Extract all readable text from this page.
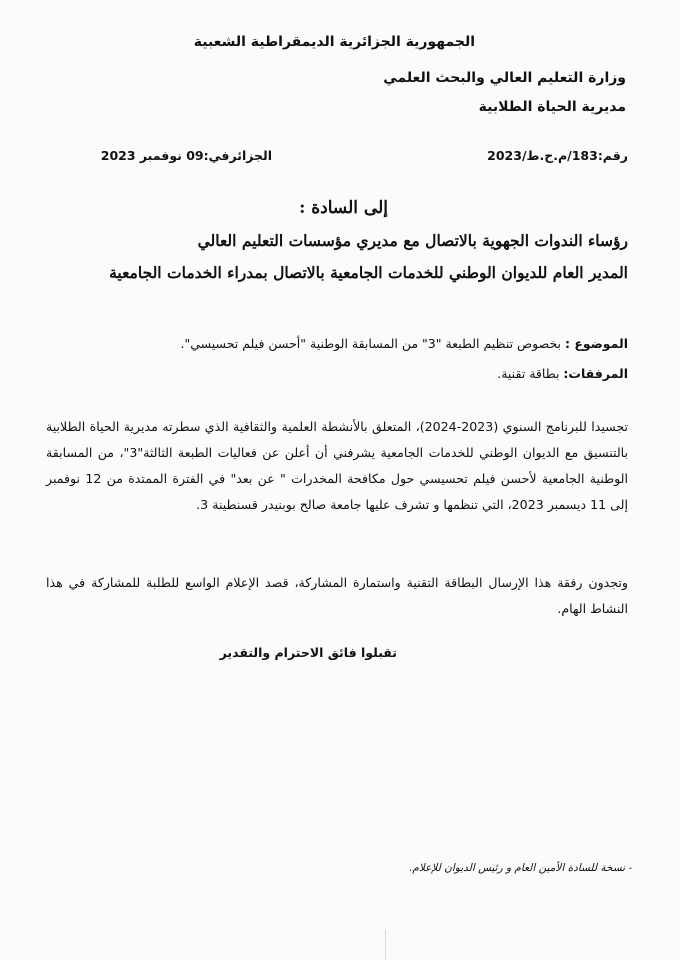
الجمهورية الجزائرية الديمقراطية الشعبية
وزارة التعليم العالي والبحث العلمي
مديرية الحياة الطلابية
رقم:183/م.ح.ط/2023
الجزائرفي:09 نوفمبر 2023
إلى السادة :
رؤساء الندوات الجهوية بالاتصال مع مديري مؤسسات التعليم العالي
المدير العام للديوان الوطني للخدمات الجامعية بالاتصال بمدراء الخدمات الجامعية
الموضوع : بخصوص تنظيم الطبعة "3" من المسابقة الوطنية "أحسن فيلم تحسيسي".
المرفقات: بطاقة تقنية.
تجسيدا للبرنامج السنوي (2023-2024)، المتعلق بالأنشطة العلمية والثقافية الذي سطرته مديرية الحياة الطلابية بالتنسيق مع الديوان الوطني للخدمات الجامعية يشرفني أن أعلن عن فعاليات الطبعة الثالثة"3"، من المسابقة الوطنية الجامعية لأحسن فيلم تحسيسي حول مكافحة المخدرات " عن بعد" في الفترة الممتدة من 12 نوفمبر إلى 11 ديسمبر 2023، التي تنظمها و تشرف عليها جامعة صالح بوبنيدر قسنطينة 3.
وتجدون رفقة هذا الإرسال البطاقة التقنية واستمارة المشاركة، قصد الإعلام الواسع للطلبة للمشاركة في هذا النشاط الهام.
تقبلوا فائق الاحترام والتقدير
- نسخة للسادة الأمين العام و رئيس الديوان للإعلام.
